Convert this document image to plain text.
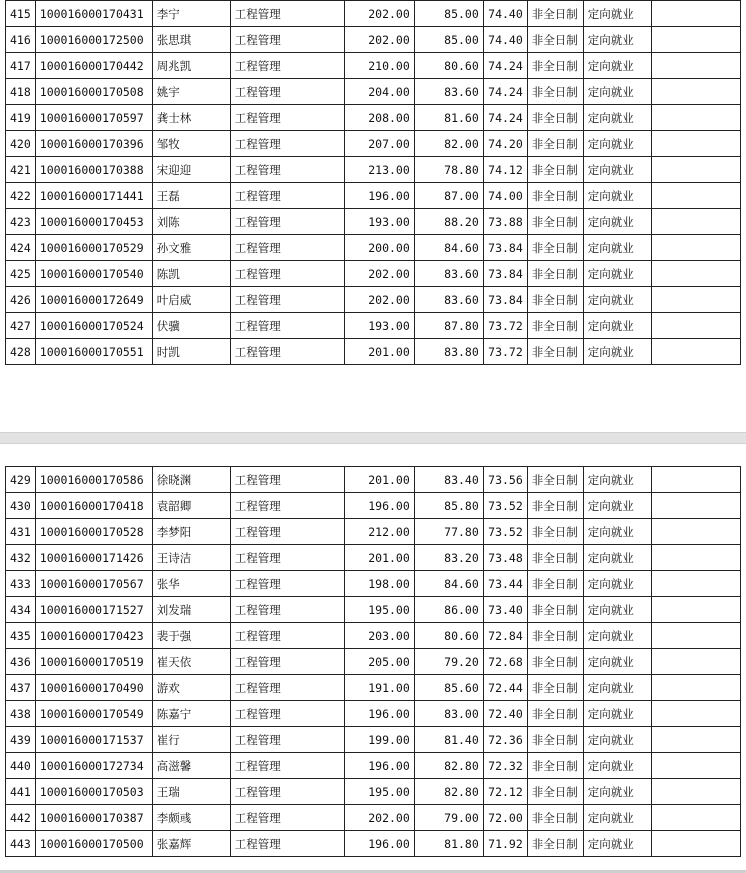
415	100016000170431	李宁	工程管理	202.00	85.00	74.40	非全日制	定向就业	
416	100016000172500	张思琪	工程管理	202.00	85.00	74.40	非全日制	定向就业	
417	100016000170442	周兆凯	工程管理	210.00	80.60	74.24	非全日制	定向就业	
418	100016000170508	姚宇	工程管理	204.00	83.60	74.24	非全日制	定向就业	
419	100016000170597	龚士林	工程管理	208.00	81.60	74.24	非全日制	定向就业	
420	100016000170396	邹牧	工程管理	207.00	82.00	74.20	非全日制	定向就业	
421	100016000170388	宋迎迎	工程管理	213.00	78.80	74.12	非全日制	定向就业	
422	100016000171441	王磊	工程管理	196.00	87.00	74.00	非全日制	定向就业	
423	100016000170453	刘陈	工程管理	193.00	88.20	73.88	非全日制	定向就业	
424	100016000170529	孙文雅	工程管理	200.00	84.60	73.84	非全日制	定向就业	
425	100016000170540	陈凯	工程管理	202.00	83.60	73.84	非全日制	定向就业	
426	100016000172649	叶启威	工程管理	202.00	83.60	73.84	非全日制	定向就业	
427	100016000170524	伏骥	工程管理	193.00	87.80	73.72	非全日制	定向就业	
428	100016000170551	时凯	工程管理	201.00	83.80	73.72	非全日制	定向就业	
429	100016000170586	徐晓渊	工程管理	201.00	83.40	73.56	非全日制	定向就业	
430	100016000170418	袁韶卿	工程管理	196.00	85.80	73.52	非全日制	定向就业	
431	100016000170528	李梦阳	工程管理	212.00	77.80	73.52	非全日制	定向就业	
432	100016000171426	王诗洁	工程管理	201.00	83.20	73.48	非全日制	定向就业	
433	100016000170567	张华	工程管理	198.00	84.60	73.44	非全日制	定向就业	
434	100016000171527	刘发瑞	工程管理	195.00	86.00	73.40	非全日制	定向就业	
435	100016000170423	裴于强	工程管理	203.00	80.60	72.84	非全日制	定向就业	
436	100016000170519	崔天依	工程管理	205.00	79.20	72.68	非全日制	定向就业	
437	100016000170490	游欢	工程管理	191.00	85.60	72.44	非全日制	定向就业	
438	100016000170549	陈嘉宁	工程管理	196.00	83.00	72.40	非全日制	定向就业	
439	100016000171537	崔行	工程管理	199.00	81.40	72.36	非全日制	定向就业	
440	100016000172734	高滋馨	工程管理	196.00	82.80	72.32	非全日制	定向就业	
441	100016000170503	王瑞	工程管理	195.00	82.80	72.12	非全日制	定向就业	
442	100016000170387	李颇彧	工程管理	202.00	79.00	72.00	非全日制	定向就业	
443	100016000170500	张嘉辉	工程管理	196.00	81.80	71.92	非全日制	定向就业	
